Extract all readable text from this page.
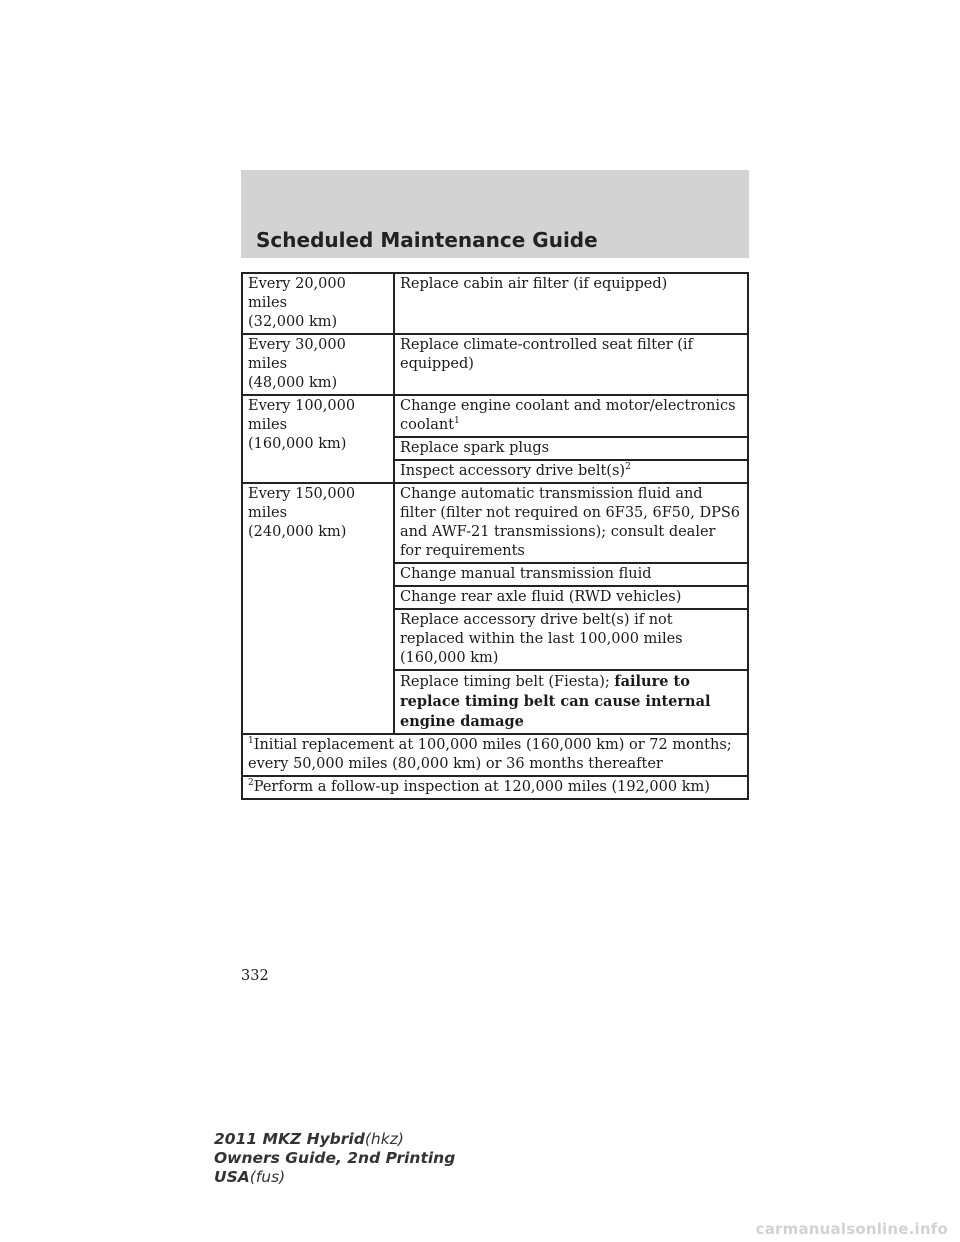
Scheduled Maintenance Guide
Every 20,000 miles
(32,000 km)	Replace cabin air filter (if equipped)
Every 30,000 miles
(48,000 km)	Replace climate-controlled seat filter (if equipped)
Every 100,000 miles
(160,000 km)	Change engine coolant and motor/electronics coolant$^1$
	Replace spark plugs
	Inspect accessory drive $belt(s)^2$
Every 150,000 miles
(240,000 km)	Change automatic transmission fluid and filter (filter not required on 6F35, 6F50, DPS6 and AWF-21 transmissions); consult dealer for requirements
	Change manual transmission fluid
	Change rear axle fluid (RWD vehicles)
	Replace accessory drive belt(s) if not replaced within the last 100,000 miles (160,000 km)
	Replace timing belt (Fiesta); failure to replace timing belt can cause internal engine damage
$^1$Initial replacement at 100,000 miles (160,000 km) or 72 months; every 50,000 miles (80,000 km) or 36 months thereafter	
$^2$Perform a follow-up inspection at 120,000 miles (192,000 km)	
332
2011 MKZ Hybrid(hkz)
Owners Guide, 2nd Printing
USA(fus)
carmanualsonline.info
